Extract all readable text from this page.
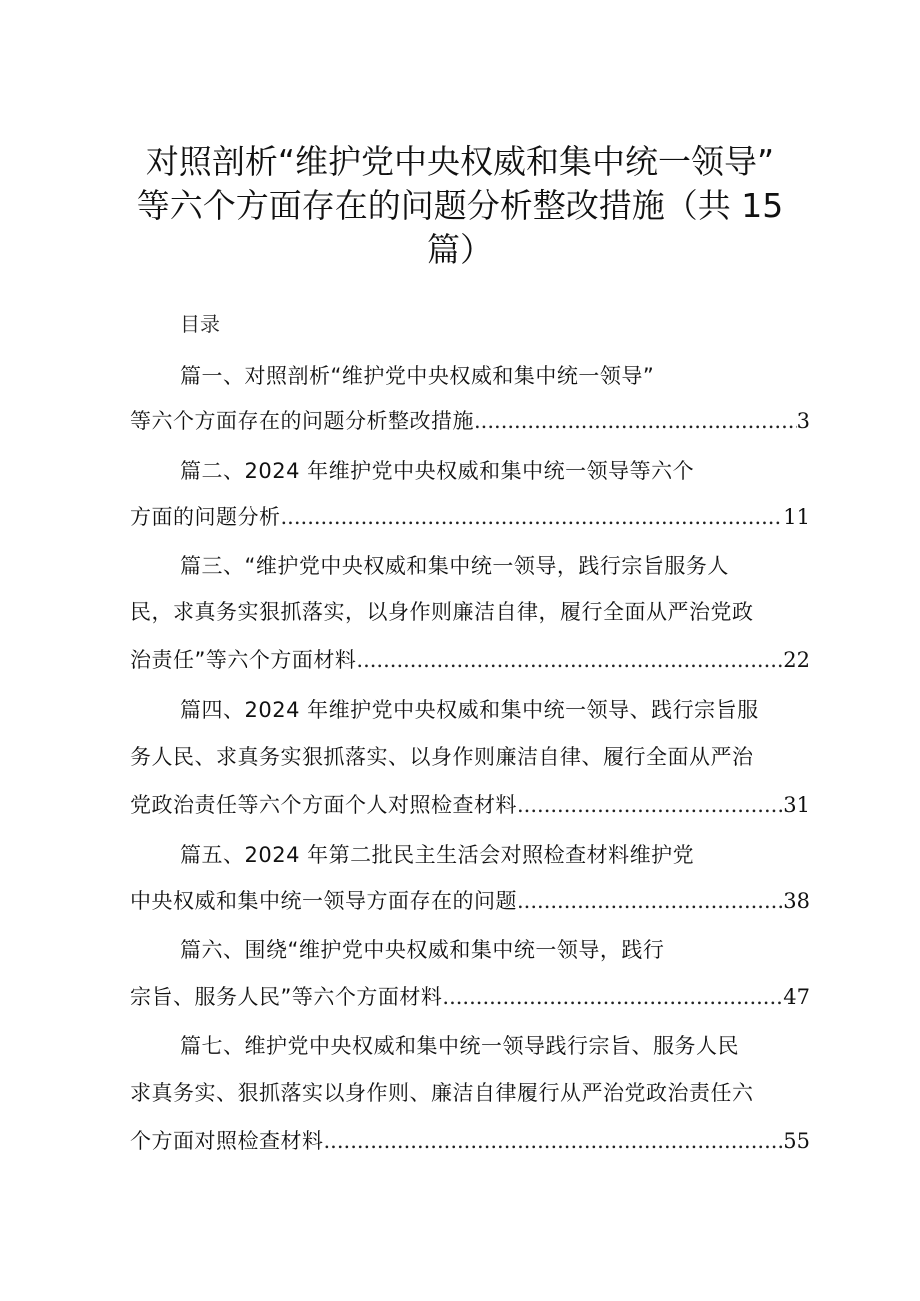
对照剖析“维护党中央权威和集中统一领导”
等六个方面存在的问题分析整改措施（共 15
篇）
目录
篇一、对照剖析“维护党中央权威和集中统一领导”
等六个方面存在的问题分析整改措施 .....	3
篇二、2024 年维护党中央权威和集中统一领导等六个
方面的问题分析 .....	11
篇三、“维护党中央权威和集中统一领导，践行宗旨服务人
民，求真务实狠抓落实，以身作则廉洁自律，履行全面从严治党政
治责任”等六个方面材料 .....	22
篇四、2024 年维护党中央权威和集中统一领导、践行宗旨服
务人民、求真务实狠抓落实、以身作则廉洁自律、履行全面从严治
党政治责任等六个方面个人对照检查材料 .....	31
篇五、2024 年第二批民主生活会对照检查材料维护党
中央权威和集中统一领导方面存在的问题 .....	38
篇六、围绕“维护党中央权威和集中统一领导，践行
宗旨、服务人民”等六个方面材料 .....	47
篇七、维护党中央权威和集中统一领导践行宗旨、服务人民
求真务实、狠抓落实以身作则、廉洁自律履行从严治党政治责任六
个方面对照检查材料 .....	55
